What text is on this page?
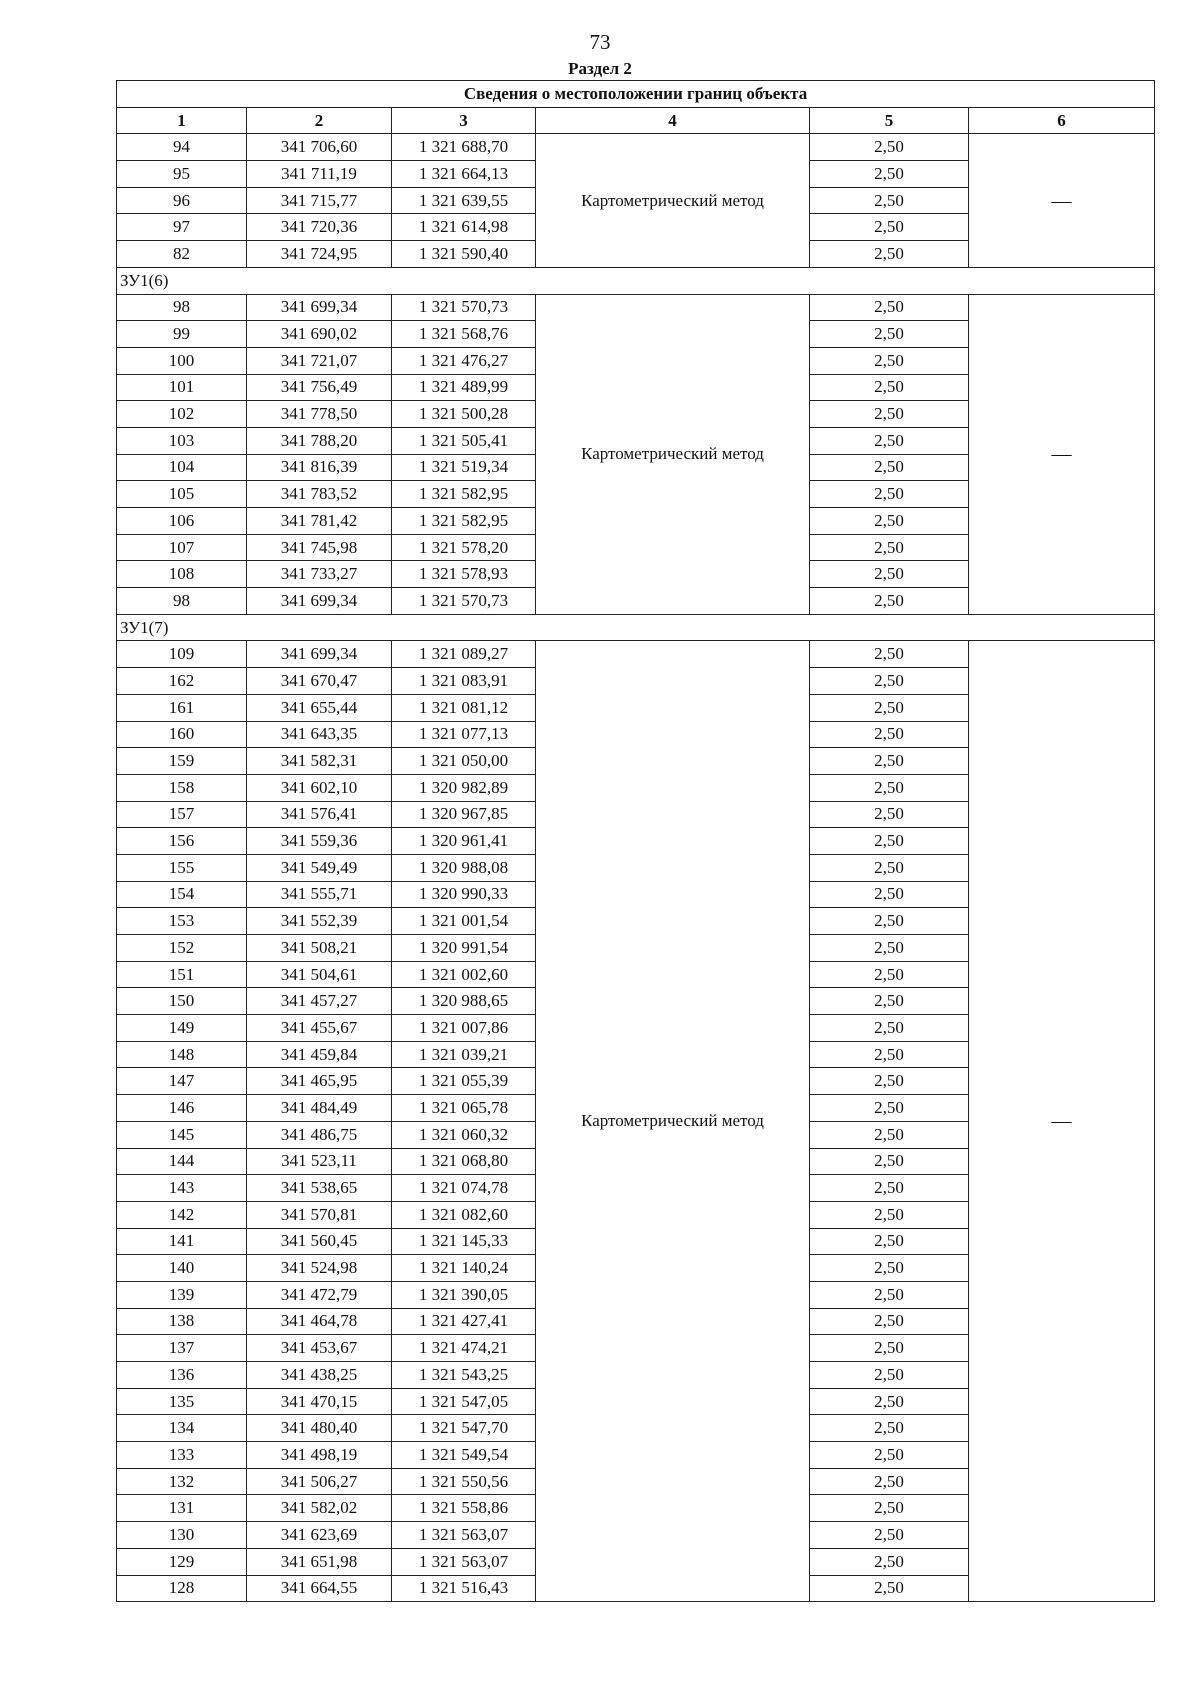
73
Раздел 2
Сведения о местоположении границ объекта					
1	2	3	4	5	6
94	341 706,60	1 321 688,70	Картометрический метод	2,50	—
95	341 711,19	1 321 664,13		2,50	
96	341 715,77	1 321 639,55		2,50	
97	341 720,36	1 321 614,98		2,50	
82	341 724,95	1 321 590,40		2,50	
ЗУ1(6)					
98	341 699,34	1 321 570,73	Картометрический метод	2,50	—
99	341 690,02	1 321 568,76		2,50	
100	341 721,07	1 321 476,27		2,50	
101	341 756,49	1 321 489,99		2,50	
102	341 778,50	1 321 500,28		2,50	
103	341 788,20	1 321 505,41		2,50	
104	341 816,39	1 321 519,34		2,50	
105	341 783,52	1 321 582,95		2,50	
106	341 781,42	1 321 582,95		2,50	
107	341 745,98	1 321 578,20		2,50	
108	341 733,27	1 321 578,93		2,50	
98	341 699,34	1 321 570,73		2,50	
ЗУ1(7)					
109	341 699,34	1 321 089,27	Картометрический метод	2,50	—
162	341 670,47	1 321 083,91		2,50	
161	341 655,44	1 321 081,12		2,50	
160	341 643,35	1 321 077,13		2,50	
159	341 582,31	1 321 050,00		2,50	
158	341 602,10	1 320 982,89		2,50	
157	341 576,41	1 320 967,85		2,50	
156	341 559,36	1 320 961,41		2,50	
155	341 549,49	1 320 988,08		2,50	
154	341 555,71	1 320 990,33		2,50	
153	341 552,39	1 321 001,54		2,50	
152	341 508,21	1 320 991,54		2,50	
151	341 504,61	1 321 002,60		2,50	
150	341 457,27	1 320 988,65		2,50	
149	341 455,67	1 321 007,86		2,50	
148	341 459,84	1 321 039,21		2,50	
147	341 465,95	1 321 055,39		2,50	
146	341 484,49	1 321 065,78		2,50	
145	341 486,75	1 321 060,32		2,50	
144	341 523,11	1 321 068,80		2,50	
143	341 538,65	1 321 074,78		2,50	
142	341 570,81	1 321 082,60		2,50	
141	341 560,45	1 321 145,33		2,50	
140	341 524,98	1 321 140,24		2,50	
139	341 472,79	1 321 390,05		2,50	
138	341 464,78	1 321 427,41		2,50	
137	341 453,67	1 321 474,21		2,50	
136	341 438,25	1 321 543,25		2,50	
135	341 470,15	1 321 547,05		2,50	
134	341 480,40	1 321 547,70		2,50	
133	341 498,19	1 321 549,54		2,50	
132	341 506,27	1 321 550,56		2,50	
131	341 582,02	1 321 558,86		2,50	
130	341 623,69	1 321 563,07		2,50	
129	341 651,98	1 321 563,07		2,50	
128	341 664,55	1 321 516,43		2,50	
